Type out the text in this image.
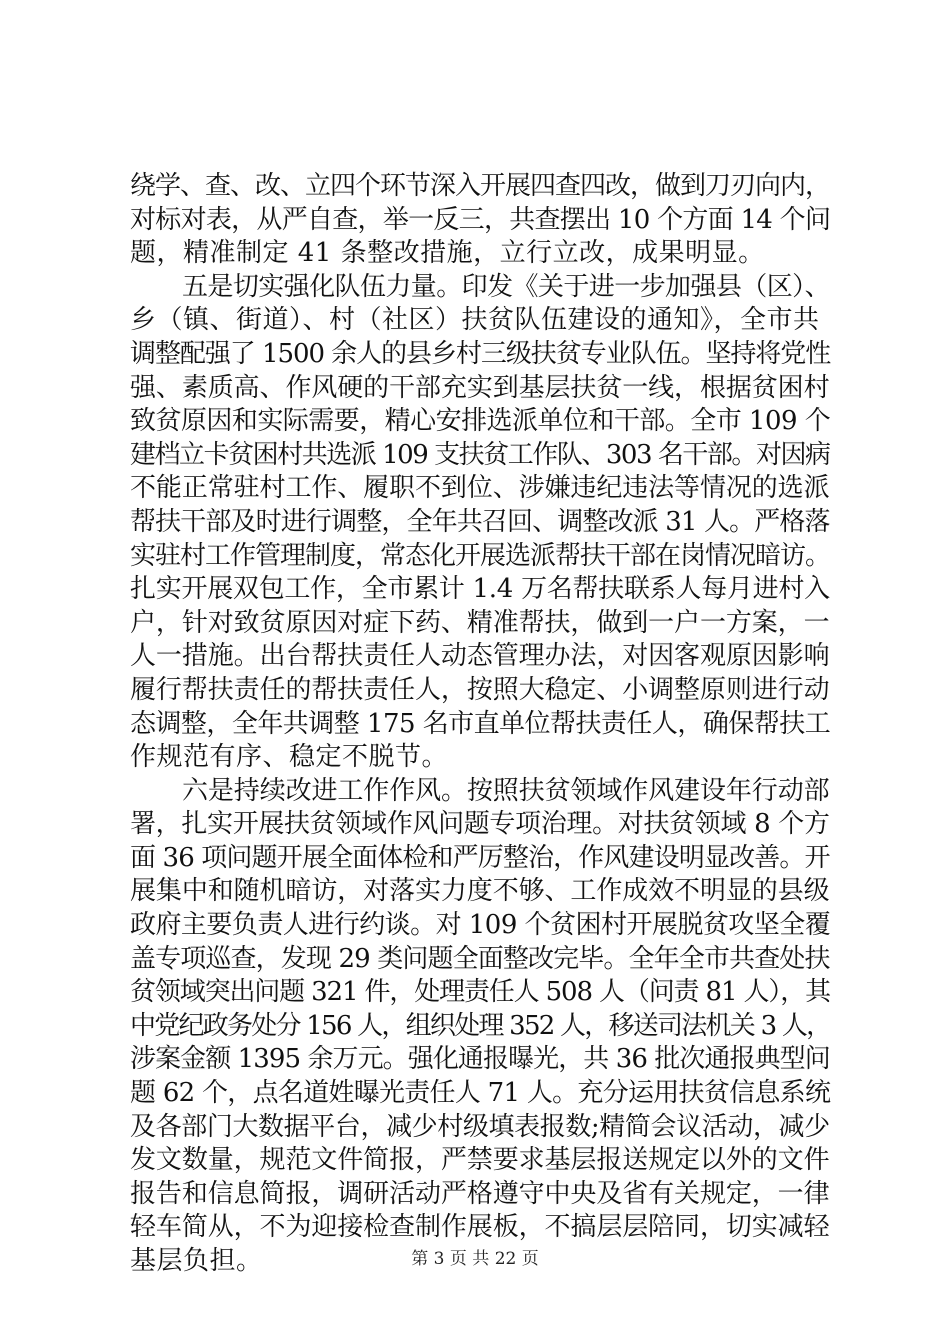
绕学、查、改、立四个环节深入开展四查四改，做到刀刃向内，
对标对表，从严自查，举一反三，共查摆出 10 个方面 14 个问
题，精准制定 41 条整改措施，立行立改，成果明显。
五是切实强化队伍力量。印发《关于进一步加强县（区）、
乡（镇、街道）、村（社区）扶贫队伍建设的通知》，全市共
调整配强了 1500 余人的县乡村三级扶贫专业队伍。坚持将党性
强、素质高、作风硬的干部充实到基层扶贫一线，根据贫困村
致贫原因和实际需要，精心安排选派单位和干部。全市 109 个
建档立卡贫困村共选派 109 支扶贫工作队、303 名干部。对因病
不能正常驻村工作、履职不到位、涉嫌违纪违法等情况的选派
帮扶干部及时进行调整，全年共召回、调整改派 31 人。严格落
实驻村工作管理制度，常态化开展选派帮扶干部在岗情况暗访。
扎实开展双包工作，全市累计 1.4 万名帮扶联系人每月进村入
户，针对致贫原因对症下药、精准帮扶，做到一户一方案，一
人一措施。出台帮扶责任人动态管理办法，对因客观原因影响
履行帮扶责任的帮扶责任人，按照大稳定、小调整原则进行动
态调整，全年共调整 175 名市直单位帮扶责任人，确保帮扶工
作规范有序、稳定不脱节。
六是持续改进工作作风。按照扶贫领域作风建设年行动部
署，扎实开展扶贫领域作风问题专项治理。对扶贫领域 8 个方
面 36 项问题开展全面体检和严厉整治，作风建设明显改善。开
展集中和随机暗访，对落实力度不够、工作成效不明显的县级
政府主要负责人进行约谈。对 109 个贫困村开展脱贫攻坚全覆
盖专项巡查，发现 29 类问题全面整改完毕。全年全市共查处扶
贫领域突出问题 321 件，处理责任人 508 人（问责 81 人），其
中党纪政务处分 156 人，组织处理 352 人，移送司法机关 3 人，
涉案金额 1395 余万元。强化通报曝光，共 36 批次通报典型问
题 62 个，点名道姓曝光责任人 71 人。充分运用扶贫信息系统
及各部门大数据平台，减少村级填表报数;精简会议活动，减少
发文数量，规范文件简报，严禁要求基层报送规定以外的文件
报告和信息简报，调研活动严格遵守中央及省有关规定，一律
轻车简从，不为迎接检查制作展板，不搞层层陪同，切实减轻
基层负担。	第 3 页 共 22 页
